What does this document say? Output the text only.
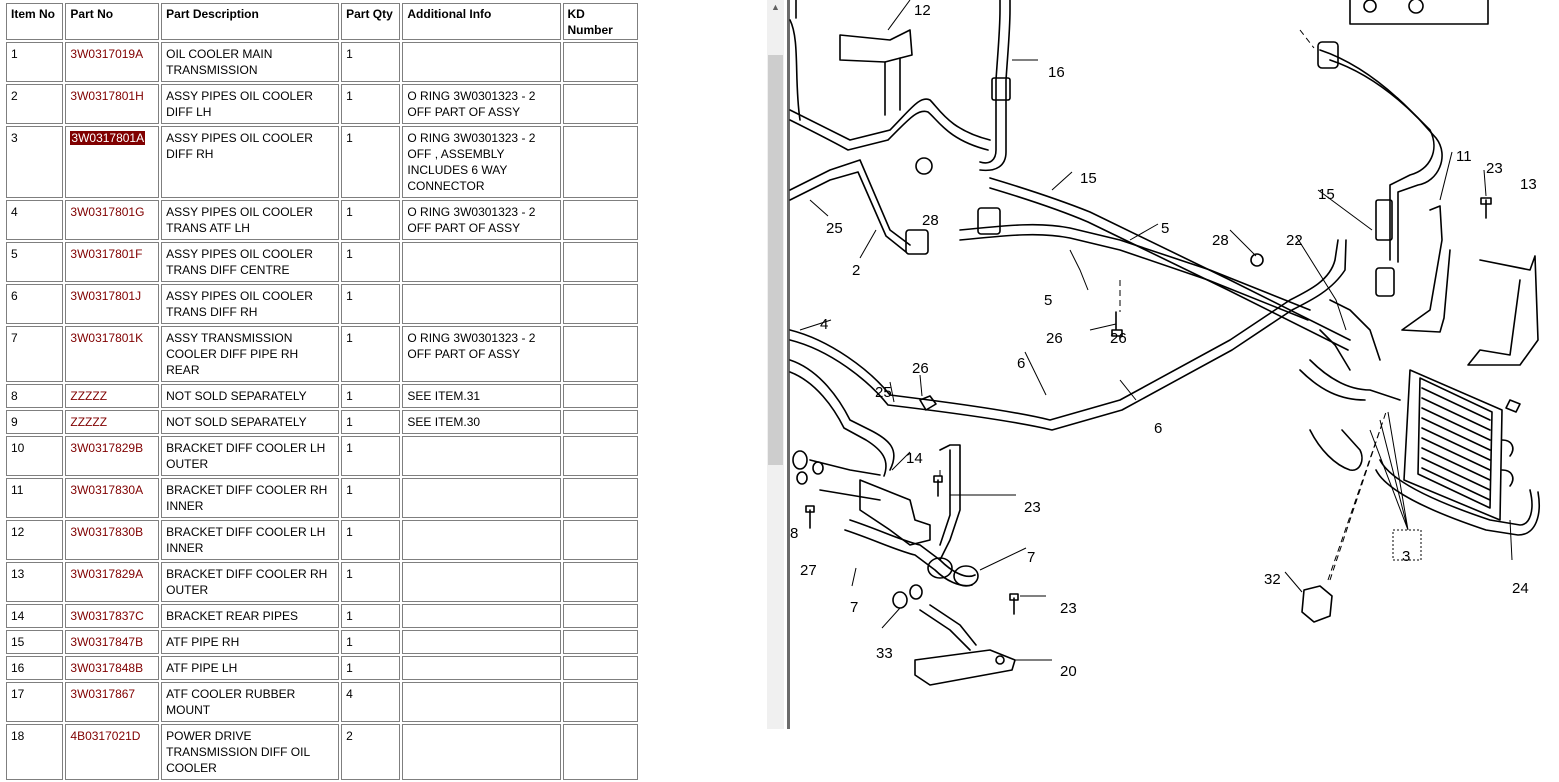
Item No	Part No	Part Description	Part Qty	Additional Info	KD Number
1	3W0317019A	OIL COOLER MAIN TRANSMISSION	1		
2	3W0317801H	ASSY PIPES OIL COOLER DIFF LH	1	O RING 3W0301323 - 2 OFF PART OF ASSY	
3	3W0317801A	ASSY PIPES OIL COOLER DIFF RH	1	O RING 3W0301323 - 2 OFF , ASSEMBLY INCLUDES 6 WAY CONNECTOR	
4	3W0317801G	ASSY PIPES OIL COOLER TRANS ATF LH	1	O RING 3W0301323 - 2 OFF PART OF ASSY	
5	3W0317801F	ASSY PIPES OIL COOLER TRANS DIFF CENTRE	1		
6	3W0317801J	ASSY PIPES OIL COOLER TRANS DIFF RH	1		
7	3W0317801K	ASSY TRANSMISSION COOLER DIFF PIPE RH REAR	1	O RING 3W0301323 - 2 OFF PART OF ASSY	
8	ZZZZZ	NOT SOLD SEPARATELY	1	SEE ITEM.31	
9	ZZZZZ	NOT SOLD SEPARATELY	1	SEE ITEM.30	
10	3W0317829B	BRACKET DIFF COOLER LH OUTER	1		
11	3W0317830A	BRACKET DIFF COOLER RH INNER	1		
12	3W0317830B	BRACKET DIFF COOLER LH INNER	1		
13	3W0317829A	BRACKET DIFF COOLER RH OUTER	1		
14	3W0317837C	BRACKET REAR PIPES	1		
15	3W0317847B	ATF PIPE RH	1		
16	3W0317848B	ATF PIPE LH	1		
17	3W0317867	ATF COOLER RUBBER MOUNT	4		
18	4B0317021D	POWER DRIVE TRANSMISSION DIFF OIL COOLER	2		
▲	12
16
15
5
28
26
2
25
11
23
13
22
15
28
5
26
4
6
26
25
6
14
23
7
8
27
7
33
23
20
32
3
24
